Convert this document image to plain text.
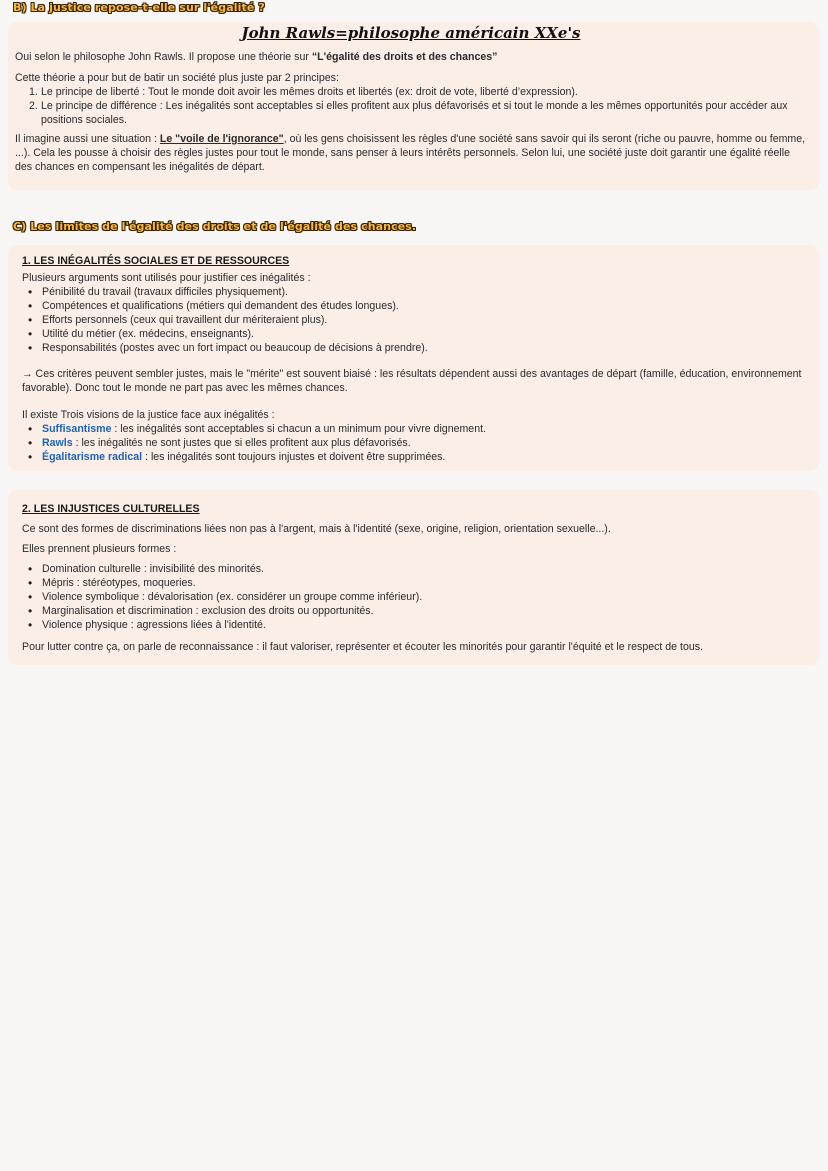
B) La justice repose-t-elle sur l'égalité ?
John Rawls=philosophe américain XXe's

Oui selon le philosophe John Rawls. Il propose une théorie sur “L'égalité des droits et des chances”

Cette théorie a pour but de batir un société plus juste par 2 principes:

1. Le principe de liberté : Tout le monde doit avoir les mêmes droits et libertés (ex: droit de vote, liberté d’expression).
2. Le principe de différence : Les inégalités sont acceptables si elles profitent aux plus défavorisés et si tout le monde a les mêmes opportunités pour accéder aux positions sociales.

Il imagine aussi une situation : Le "voile de l'ignorance", où les gens choisissent les règles d'une société sans savoir qui ils seront (riche ou pauvre, homme ou femme, ...). Cela les pousse à choisir des règles justes pour tout le monde, sans penser à leurs intérêts personnels. Selon lui, une société juste doit garantir une égalité réelle des chances en compensant les inégalités de départ.

C) Les limites de l'égalité des droits et de l'égalité des chances.

1. LES INÉGALITÉS SOCIALES ET DE RESSOURCES

Plusieurs arguments sont utilisés pour justifier ces inégalités :

• Pénibilité du travail (travaux difficiles physiquement).
• Compétences et qualifications (métiers qui demandent des études longues).
• Efforts personnels (ceux qui travaillent dur mériteraient plus).
• Utilité du métier (ex. médecins, enseignants).
• Responsabilités (postes avec un fort impact ou beaucoup de décisions à prendre).

→ Ces critères peuvent sembler justes, mais le "mérite" est souvent biaisé : les résultats dépendent aussi des avantages de départ (famille, éducation, environnement favorable). Donc tout le monde ne part pas avec les mêmes chances.

Il existe Trois visions de la justice face aux inégalités :

• Suffisantisme : les inégalités sont acceptables si chacun a un minimum pour vivre dignement.
• Rawls : les inégalités ne sont justes que si elles profitent aux plus défavorisés.
• Égalitarisme radical : les inégalités sont toujours injustes et doivent être supprimées.

2. LES INJUSTICES CULTURELLES

Ce sont des formes de discriminations liées non pas à l'argent, mais à l'identité (sexe, origine, religion, orientation sexuelle...).

Elles prennent plusieurs formes :

• Domination culturelle : invisibilité des minorités.
• Mépris : stéréotypes, moqueries.
• Violence symbolique : dévalorisation (ex. considérer un groupe comme inférieur).
• Marginalisation et discrimination : exclusion des droits ou opportunités.
• Violence physique : agressions liées à l'identité.

Pour lutter contre ça, on parle de reconnaissance : il faut valoriser, représenter et écouter les minorités pour garantir l'équité et le respect de tous.
